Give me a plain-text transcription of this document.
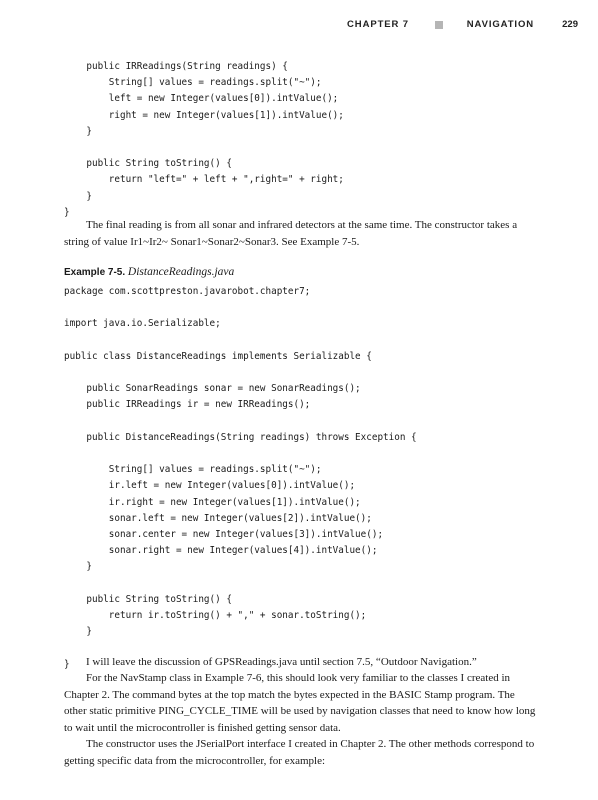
CHAPTER 7	NAVIGATION	229
public IRReadings(String readings) {
String[] values = readings.split("~");
left = new Integer(values[0]).intValue();
right = new Integer(values[1]).intValue();
}

public String toString() {
return "left=" + left + ",right=" + right;
}
}

The final reading is from all sonar and infrared detectors at the same time. The constructor takes a string of value Ir1~Ir2~ Sonar1~Sonar2~Sonar3. See Example 7-5.

Example 7-5. DistanceReadings.java

package com.scottpreston.javarobot.chapter7;

import java.io.Serializable;

public class DistanceReadings implements Serializable {

public SonarReadings sonar = new SonarReadings();
public IRReadings ir = new IRReadings();

public DistanceReadings(String readings) throws Exception {

String[] values = readings.split("~");
ir.left = new Integer(values[0]).intValue();
ir.right = new Integer(values[1]).intValue();
sonar.left = new Integer(values[2]).intValue();
sonar.center = new Integer(values[3]).intValue();
sonar.right = new Integer(values[4]).intValue();
}

public String toString() {
return ir.toString() + "," + sonar.toString();
}

}	I will leave the discussion of GPSReadings.java until section 7.5, “Outdoor Navigation.”

For the NavStamp class in Example 7-6, this should look very familiar to the classes I created in Chapter 2. The command bytes at the top match the bytes expected in the BASIC Stamp program. The other static primitive PING_CYCLE_TIME will be used by navigation classes that need to know how long to wait until the microcontroller is finished getting sensor data.

The constructor uses the JSerialPort interface I created in Chapter 2. The other methods correspond to getting specific data from the microcontroller, for example:
